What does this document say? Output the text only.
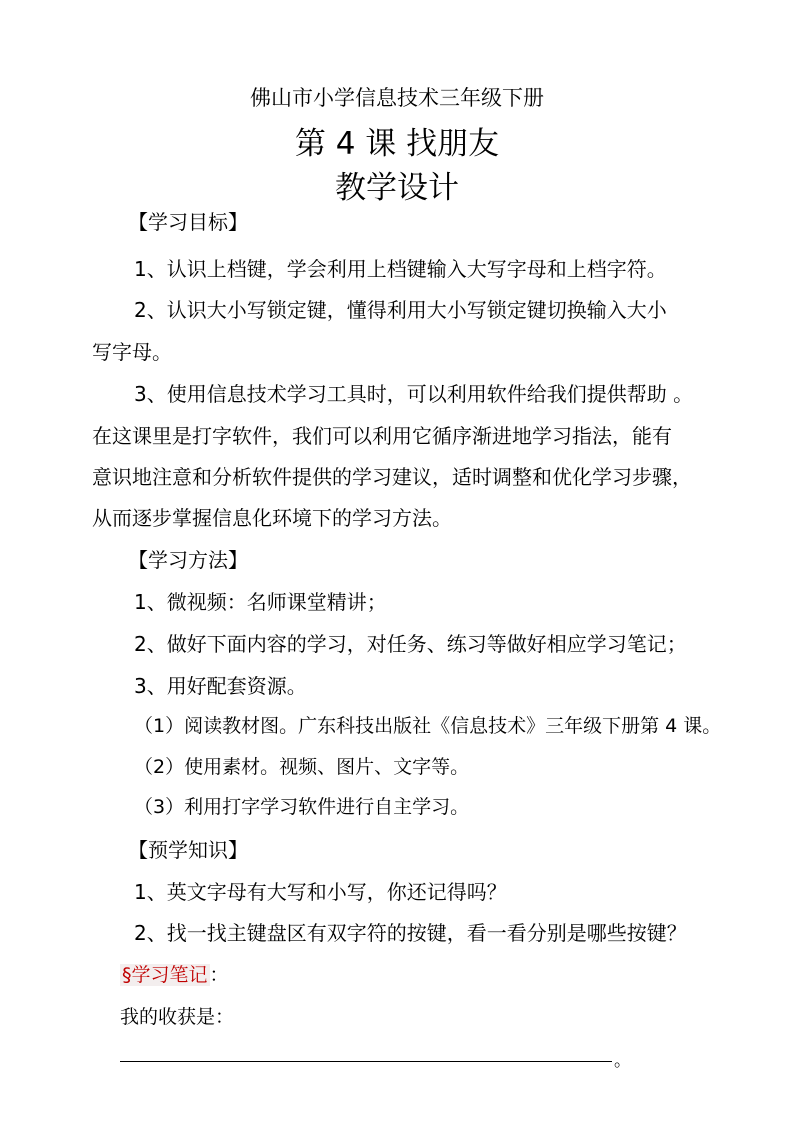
佛山市小学信息技术三年级下册
第 4 课 找朋友
教学设计
【学习目标】
1、认识上档键，学会利用上档键输入大写字母和上档字符。
2、认识大小写锁定键，懂得利用大小写锁定键切换输入大小
写字母。
3、使用信息技术学习工具时，可以利用软件给我们提供帮助 。
在这课里是打字软件，我们可以利用它循序渐进地学习指法，能有
意识地注意和分析软件提供的学习建议，适时调整和优化学习步骤，
从而逐步掌握信息化环境下的学习方法。
【学习方法】
1、微视频：名师课堂精讲；
2、做好下面内容的学习，对任务、练习等做好相应学习笔记；
3、用好配套资源。
（1）阅读教材图。广东科技出版社《信息技术》三年级下册第 4 课。
（2）使用素材。视频、图片、文字等。
（3）利用打字学习软件进行自主学习。
【预学知识】
1、英文字母有大写和小写，你还记得吗？
2、找一找主键盘区有双字符的按键，看一看分别是哪些按键？
§学习笔记 ：
我的收获是：
。
